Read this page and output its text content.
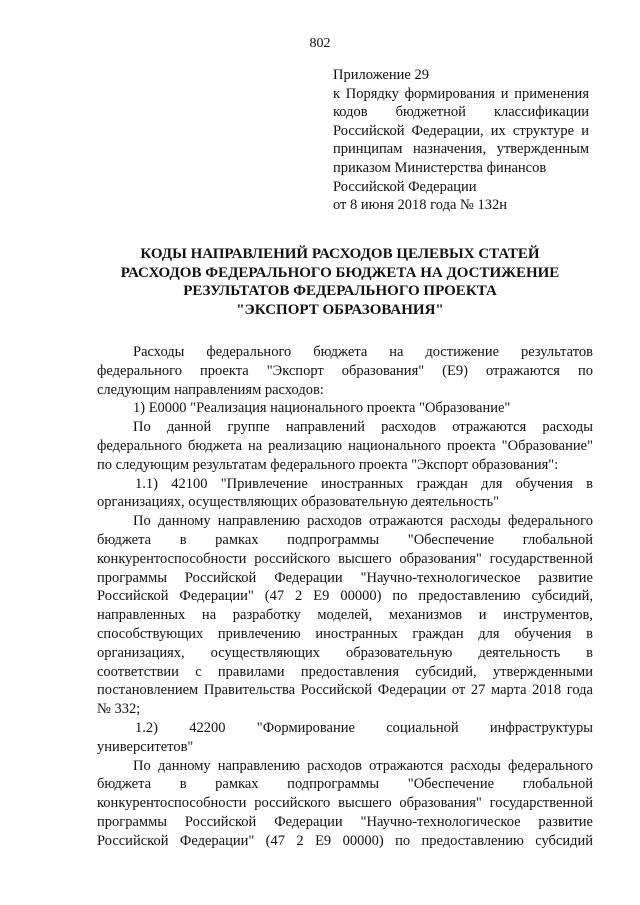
802
Приложение 29
к Порядку формирования и применения
кодов бюджетной классификации
Российской Федерации, их структуре и
принципам назначения, утвержденным
приказом Министерства финансов
Российской Федерации
от 8 июня 2018 года № 132н
КОДЫ НАПРАВЛЕНИЙ РАСХОДОВ ЦЕЛЕВЫХ СТАТЕЙ
РАСХОДОВ ФЕДЕРАЛЬНОГО БЮДЖЕТА НА ДОСТИЖЕНИЕ
РЕЗУЛЬТАТОВ ФЕДЕРАЛЬНОГО ПРОЕКТА
"ЭКСПОРТ ОБРАЗОВАНИЯ"
Расходы федерального бюджета на достижение результатов
федерального проекта "Экспорт образования" (Е9) отражаются по
следующим направлениям расходов:
1) Е0000 "Реализация национального проекта "Образование"
По данной группе направлений расходов отражаются расходы
федерального бюджета на реализацию национального проекта "Образование"
по следующим результатам федерального проекта "Экспорт образования":
1.1) 42100 "Привлечение иностранных граждан для обучения в
организациях, осуществляющих образовательную деятельность"
По данному направлению расходов отражаются расходы федерального
бюджета в рамках подпрограммы "Обеспечение глобальной
конкурентоспособности российского высшего образования" государственной
программы Российской Федерации "Научно-технологическое развитие
Российской Федерации" (47 2 Е9 00000) по предоставлению субсидий,
направленных на разработку моделей, механизмов и инструментов,
способствующих привлечению иностранных граждан для обучения в
организациях, осуществляющих образовательную деятельность в
соответствии с правилами предоставления субсидий, утвержденными
постановлением Правительства Российской Федерации от 27 марта 2018 года
№ 332;
1.2) 42200 "Формирование социальной инфраструктуры
университетов"
По данному направлению расходов отражаются расходы федерального
бюджета в рамках подпрограммы "Обеспечение глобальной
конкурентоспособности российского высшего образования" государственной
программы Российской Федерации "Научно-технологическое развитие
Российской Федерации" (47 2 Е9 00000) по предоставлению субсидий
